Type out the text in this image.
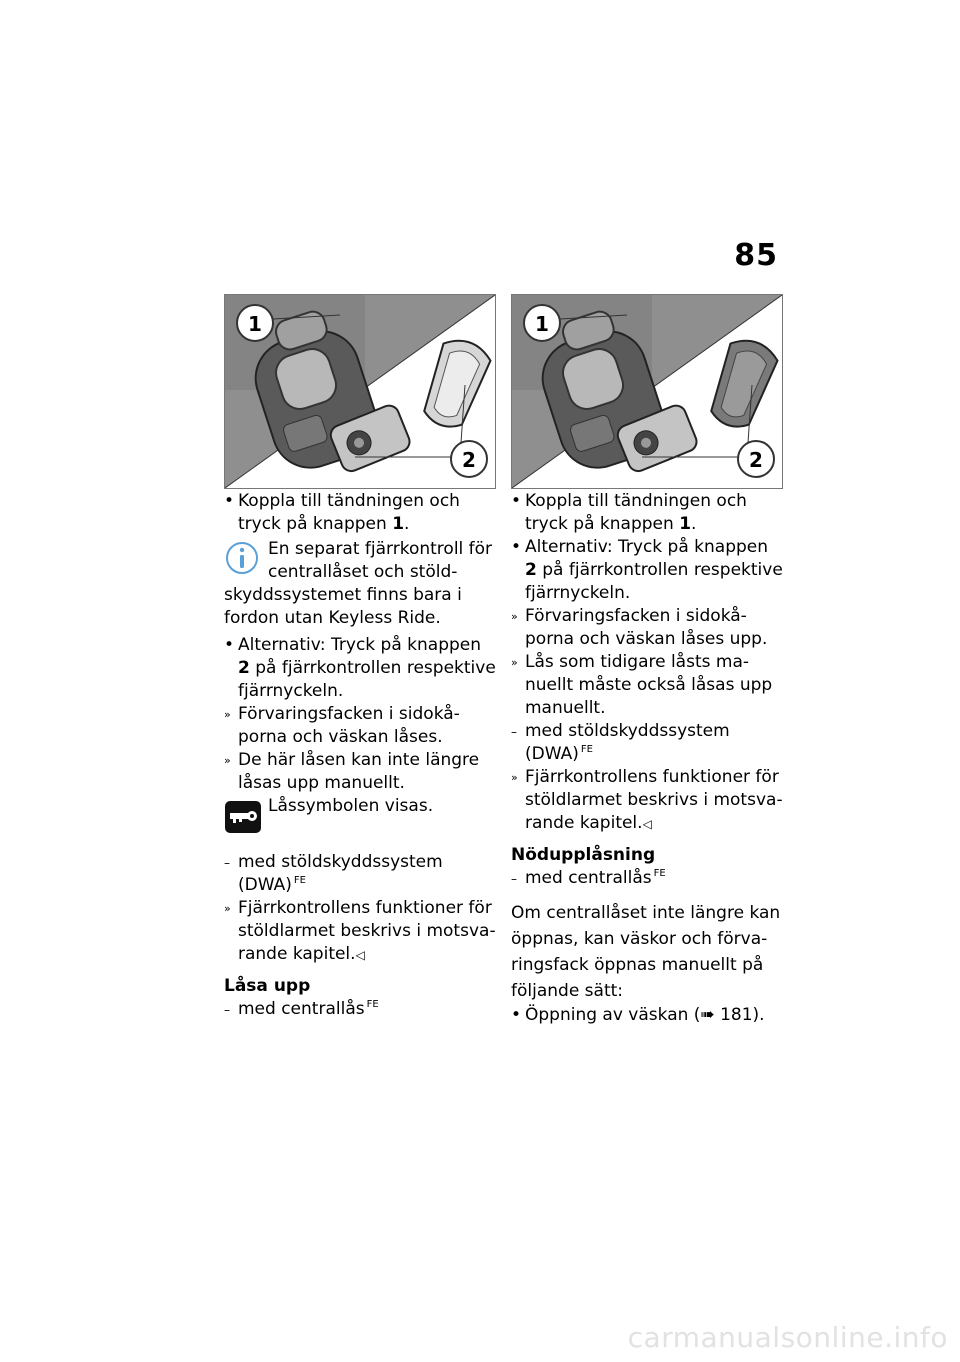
85
1
2
1
2
•
Koppla till tändningen och tryck på knappen 1.

En separat fjärrkontroll för centrallåset och stöldskyddssystemet finns bara i fordon utan Keyless Ride.

•
Alternativ: Tryck på knappen 2 på fjärrkontrollen respektive fjärrnyckeln.
»
Förvaringsfacken i sidokåporna och väskan låses.
»
De här låsen kan inte längre låsas upp manuellt.

Låssymbolen visas.

–
med stöldskyddssystem (DWA) $^{FE}$
»
Fjärrkontrollens funktioner för stöldlarmet beskrivs i motsvarande kapitel.◁
Låsa upp
–
med centrallås $^{FE}$
•
Koppla till tändningen och tryck på knappen 1.
•
Alternativ: Tryck på knappen 2 på fjärrkontrollen respektive fjärrnyckeln.
»
Förvaringsfacken i sidokåporna och väskan låses upp.
»
Lås som tidigare låsts manuellt måste också låsas upp manuellt.
–
med stöldskyddssystem (DWA) $^{FE}$
»
Fjärrkontrollens funktioner för stöldlarmet beskrivs i motsvarande kapitel.◁
Nödupplåsning
–
med centrallås $^{FE}$
Om centrallåset inte längre kan öppnas, kan väskor och förvaringsfack öppnas manuellt på följande sätt:
•
Öppning av väskan (➠ 181).
carmanualsonline.info
